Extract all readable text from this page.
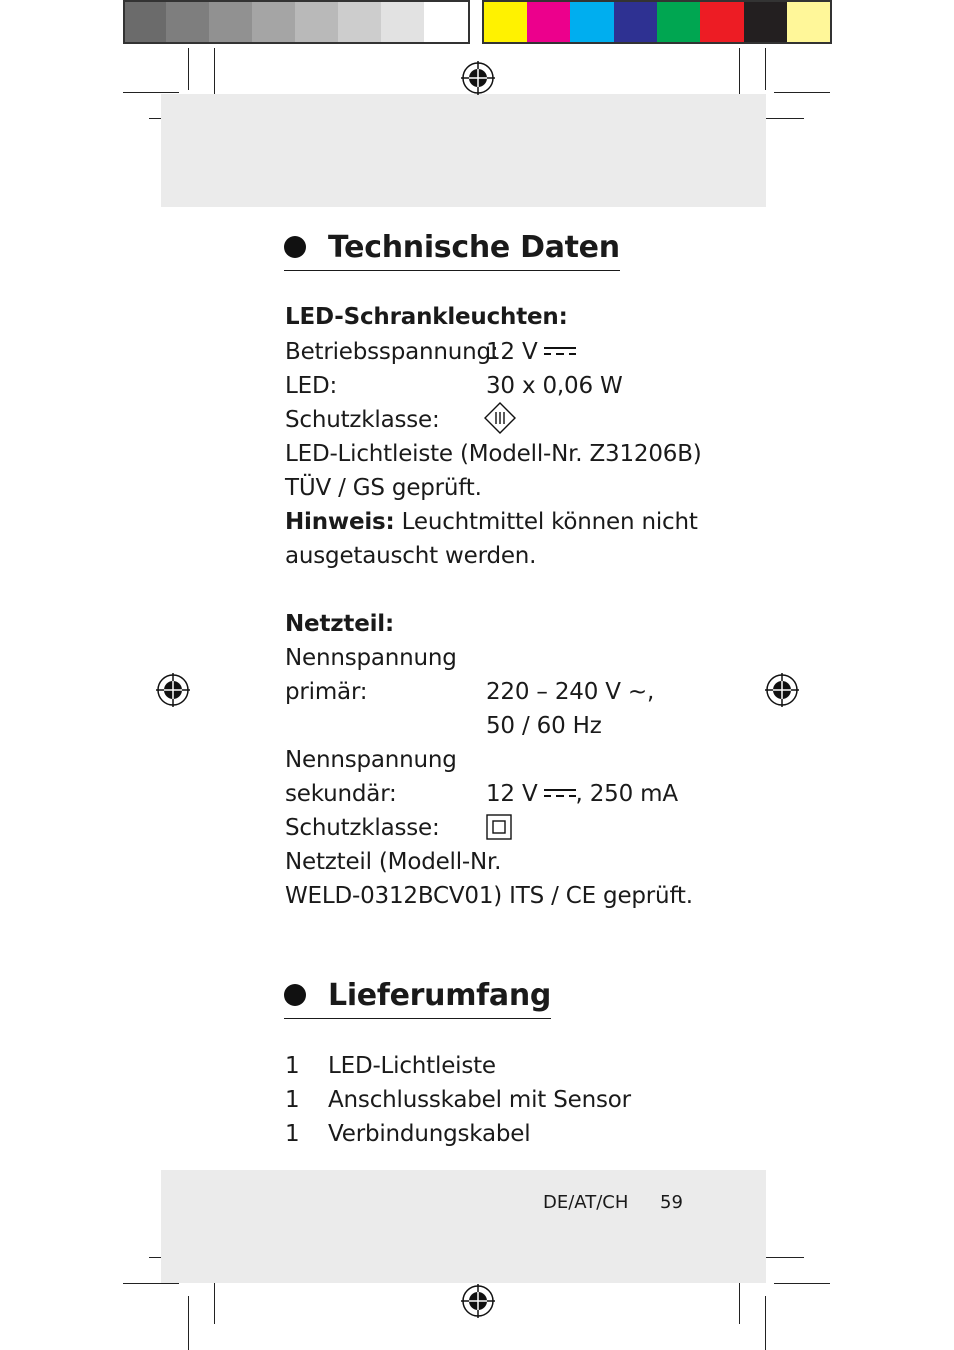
Technische Daten
LED-Schrankleuchten:
Betriebsspannung:
12 V
LED:	30 x 0,06 W
Schutzklasse:
LED-Lichtleiste (Modell-Nr. Z31206B)
TÜV / GS geprüft.
Hinweis: Leuchtmittel können nicht
ausgetauscht werden.
Netzteil:
Nennspannung
primär:	220 – 240 V ~,
50 / 60 Hz
Nennspannung
sekundär:	12 V , 250 mA
Schutzklasse:
Netzteil (Modell-Nr.
WELD-0312BCV01) ITS / CE geprüft.
Lieferumfang
1 LED-Lichtleiste
1 Anschlusskabel mit Sensor
1 Verbindungskabel
DE/AT/CH 59
